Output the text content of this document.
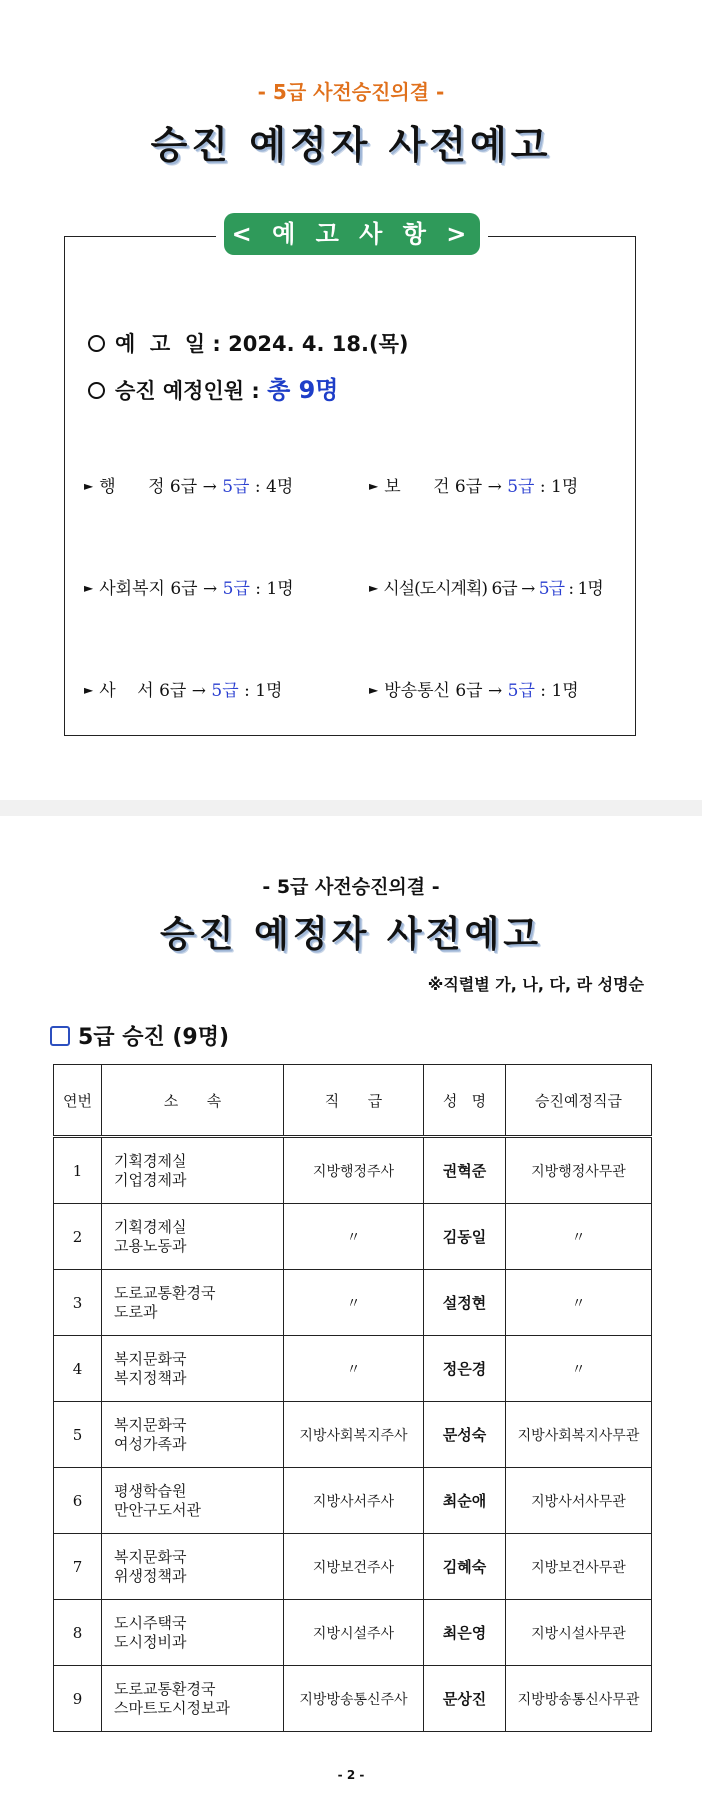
- 5급 사전승진의결 -
승진 예정자 사전예고
< 예 고 사 항 >
예  고  일 : 2024. 4. 18.(목)
승진 예정인원 : 총 9명
► 행      정 6급 → 5급 : 4명	► 보      건 6급 → 5급 : 1명
► 사회복지 6급 → 5급 : 1명	► 시설(도시계획) 6급 → 5급 : 1명
► 사    서 6급 → 5급 : 1명	► 방송통신 6급 → 5급 : 1명
- 5급 사전승진의결 -
승진 예정자 사전예고
※직렬별 가, 나, 다, 라 성명순
5급 승진 (9명)
연번	소      속	직      급	성   명	승진예정직급
1	기획경제실
기업경제과	지방행정주사	권혁준	지방행정사무관
2	기획경제실
고용노동과	〃	김동일	〃
3	도로교통환경국
도로과	〃	설정현	〃
4	복지문화국
복지정책과	〃	정은경	〃
5	복지문화국
여성가족과	지방사회복지주사	문성숙	지방사회복지사무관
6	평생학습원
만안구도서관	지방사서주사	최순애	지방사서사무관
7	복지문화국
위생정책과	지방보건주사	김혜숙	지방보건사무관
8	도시주택국
도시정비과	지방시설주사	최은영	지방시설사무관
9	도로교통환경국
스마트도시정보과	지방방송통신주사	문상진	지방방송통신사무관
- 2 -
